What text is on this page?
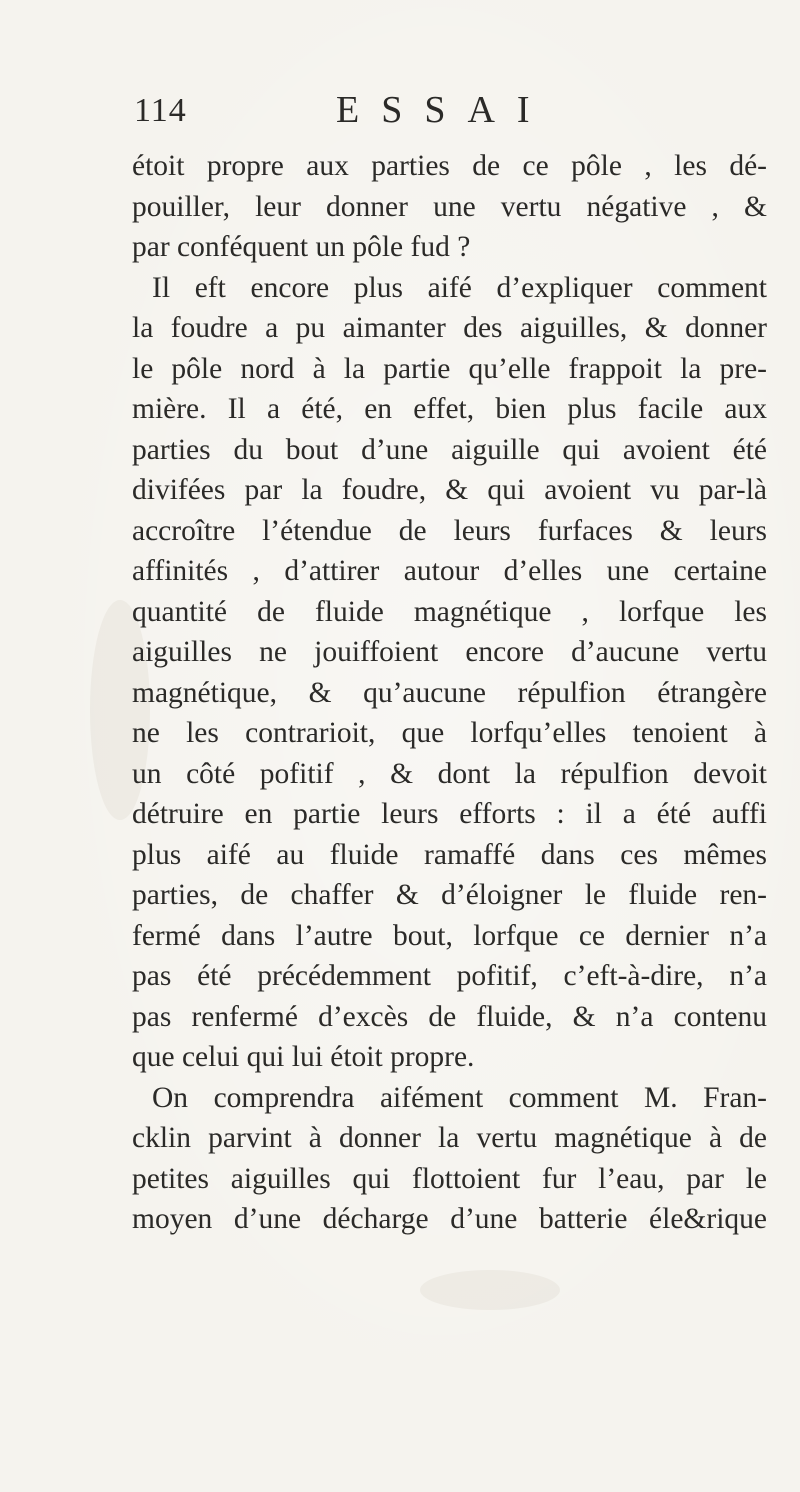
114	ESSAI
étoit propre aux parties de ce pôle , les dé-
pouiller, leur donner une vertu négative , &
par conféquent un pôle fud ?
Il eft encore plus aifé d’expliquer comment
la foudre a pu aimanter des aiguilles, & donner
le pôle nord à la partie qu’elle frappoit la pre-
mière. Il a été, en effet, bien plus facile aux
parties du bout d’une aiguille qui avoient été
divifées par la foudre, & qui avoient vu par-là
accroître l’étendue de leurs furfaces & leurs
affinités , d’attirer autour d’elles une certaine
quantité de fluide magnétique , lorfque les
aiguilles ne jouiffoient encore d’aucune vertu
magnétique, & qu’aucune répulfion étrangère
ne les contrarioit, que lorfqu’elles tenoient à
un côté pofitif , & dont la répulfion devoit
détruire en partie leurs efforts : il a été auffi
plus aifé au fluide ramaffé dans ces mêmes
parties, de chaffer & d’éloigner le fluide ren-
fermé dans l’autre bout, lorfque ce dernier n’a
pas été précédemment pofitif, c’eft-à-dire, n’a
pas renfermé d’excès de fluide, & n’a contenu
que celui qui lui étoit propre.
On comprendra aifément comment M. Fran-
cklin parvint à donner la vertu magnétique à de
petites aiguilles qui flottoient fur l’eau, par le
moyen d’une décharge d’une batterie éle&rique
